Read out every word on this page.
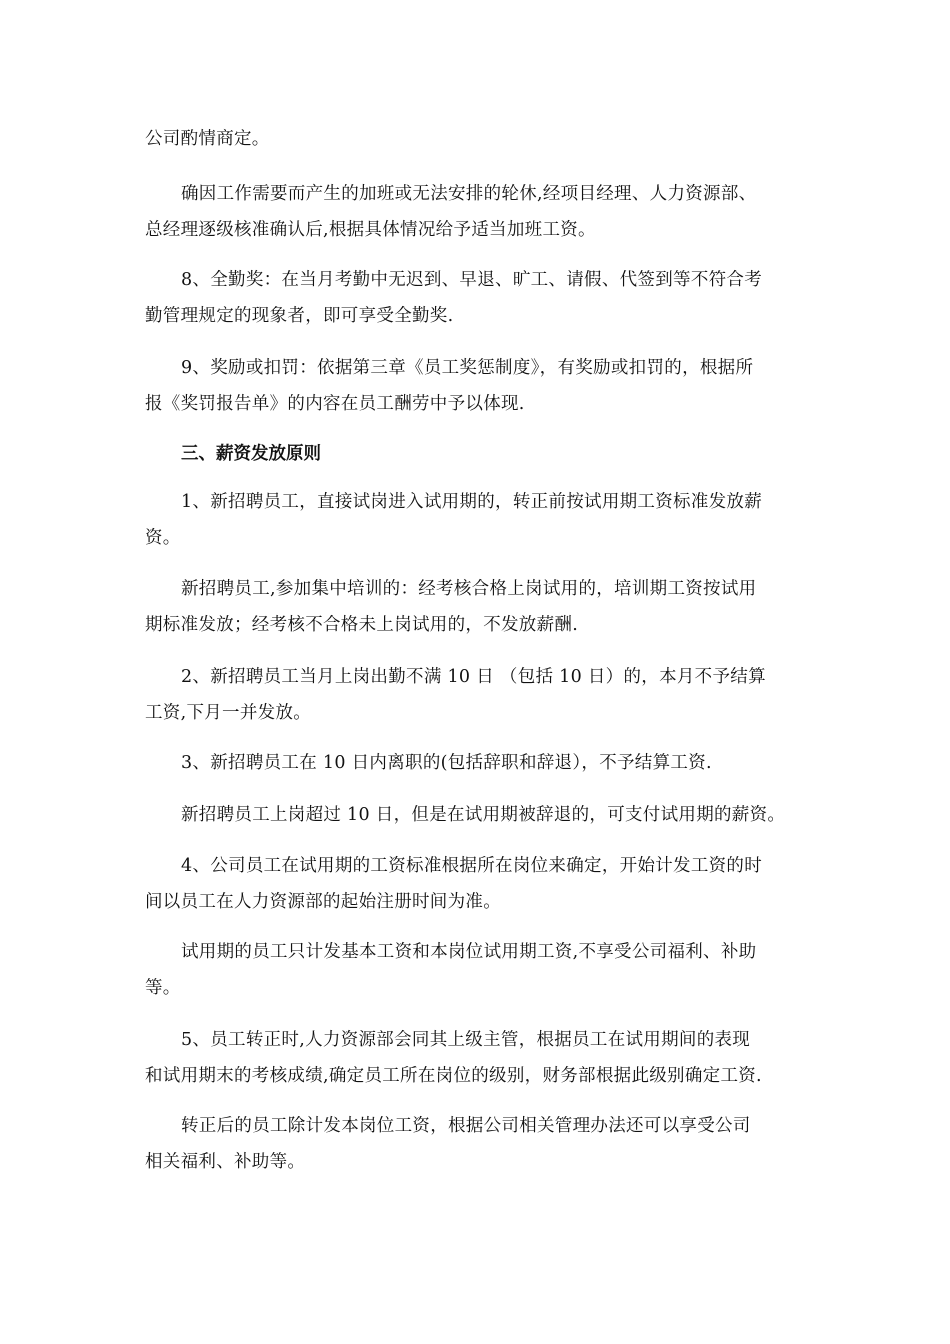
公司酌情商定。
确因工作需要而产生的加班或无法安排的轮休,经项目经理、人力资源部、
总经理逐级核准确认后,根据具体情况给予适当加班工资。
8、全勤奖：在当月考勤中无迟到、早退、旷工、请假、代签到等不符合考
勤管理规定的现象者，即可享受全勤奖.
9、奖励或扣罚：依据第三章《员工奖惩制度》，有奖励或扣罚的，根据所
报《奖罚报告单》的内容在员工酬劳中予以体现.
三、薪资发放原则
1、新招聘员工，直接试岗进入试用期的，转正前按试用期工资标准发放薪
资。
新招聘员工,参加集中培训的：经考核合格上岗试用的，培训期工资按试用
期标准发放；经考核不合格未上岗试用的，不发放薪酬.
2、新招聘员工当月上岗出勤不满 10 日 （包括 10 日）的，本月不予结算
工资,下月一并发放。
3、新招聘员工在 10 日内离职的(包括辞职和辞退），不予结算工资.
新招聘员工上岗超过 10 日，但是在试用期被辞退的，可支付试用期的薪资。
4、公司员工在试用期的工资标准根据所在岗位来确定，开始计发工资的时
间以员工在人力资源部的起始注册时间为准。
试用期的员工只计发基本工资和本岗位试用期工资,不享受公司福利、补助
等。
5、员工转正时,人力资源部会同其上级主管，根据员工在试用期间的表现
和试用期末的考核成绩,确定员工所在岗位的级别，财务部根据此级别确定工资.
转正后的员工除计发本岗位工资，根据公司相关管理办法还可以享受公司
相关福利、补助等。
